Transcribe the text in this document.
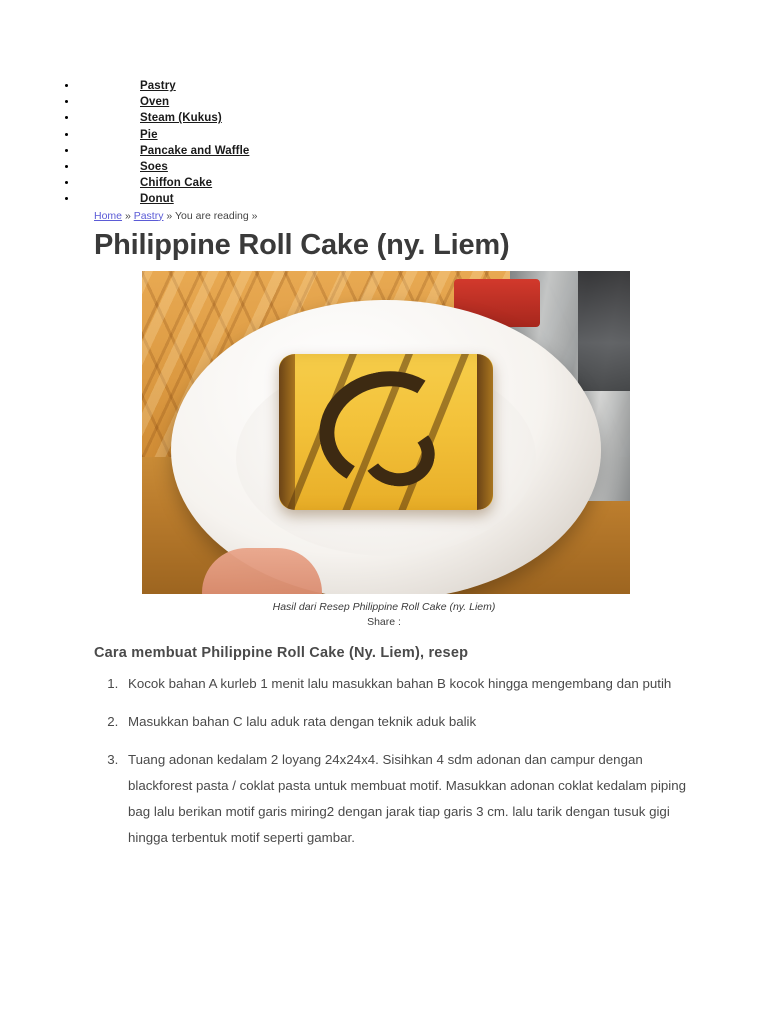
• Pastry
• Oven
• Steam (Kukus)
• Pie
• Pancake and Waffle
• Soes
• Chiffon Cake
• Donut
Home » Pastry » You are reading »
Philippine Roll Cake (ny. Liem)
Hasil dari Resep Philippine Roll Cake (ny. Liem)
Share :
Cara membuat Philippine Roll Cake (Ny. Liem), resep
1. Kocok bahan A kurleb 1 menit lalu masukkan bahan B kocok hingga mengembang dan putih
2. Masukkan bahan C lalu aduk rata dengan teknik aduk balik
3. Tuang adonan kedalam 2 loyang 24x24x4. Sisihkan 4 sdm adonan dan campur dengan blackforest pasta / coklat pasta untuk membuat motif. Masukkan adonan coklat kedalam piping bag lalu berikan motif garis miring2 dengan jarak tiap garis 3 cm. lalu tarik dengan tusuk gigi hingga terbentuk motif seperti gambar.
